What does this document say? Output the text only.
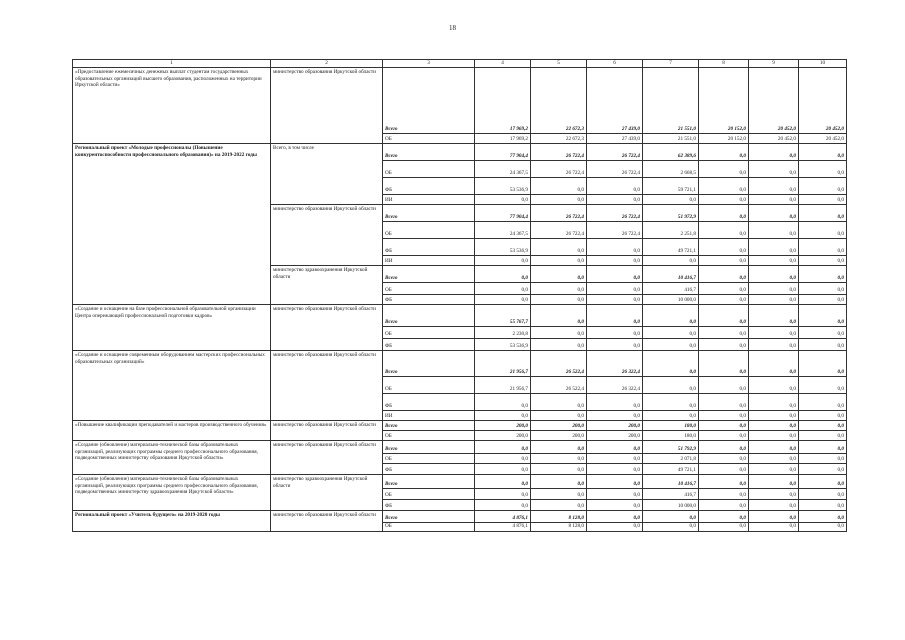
18
1	2	3	4	5	6	7	8	9	10
«Предоставление ежемесячных денежных выплат студентам государственных образовательных организаций высшего образования, расположенных на территории Иркутской области»	министерство образования Иркутской области	Всего	17 969,2	22 672,3	27 439,0	21 551,0	20 152,0	20 452,0	20 452,0
		ОБ	17 969,2	22 672,3	27 439,0	21 551,0	20 152,0	20 452,0	20 452,0
Региональный проект «Молодые профессионалы (Повышение конкурентоспособности профессионального образования)» на 2019-2022 годы	Всего, в том числе	Всего	77 904,4	26 722,4	26 722,4	62 389,6	0,0	0,0	0,0
		ОБ	24 367,5	26 722,4	26 722,4	2 668,5	0,0	0,0	0,0
		ФБ	53 536,9	0,0	0,0	59 721,1	0,0	0,0	0,0
		ИИ	0,0	0,0	0,0	0,0	0,0	0,0	0,0
	министерство образования Иркутской области	Всего	77 904,4	26 722,4	26 722,4	51 972,9	0,0	0,0	0,0
		ОБ	24 367,5	26 722,4	26 722,4	2 251,8	0,0	0,0	0,0
		ФБ	53 536,9	0,0	0,0	49 721,1	0,0	0,0	0,0
		ИИ	0,0	0,0	0,0	0,0	0,0	0,0	0,0
	министерство здравоохранения Иркутской области	Всего	0,0	0,0	0,0	10 416,7	0,0	0,0	0,0
		ОБ	0,0	0,0	0,0	416,7	0,0	0,0	0,0
		ФБ	0,0	0,0	0,0	10 000,0	0,0	0,0	0,0
«Создание и оснащение на базе профессиональной образовательной организации Центра опережающей профессиональной подготовки кадров»	министерство образования Иркутской области	Всего	55 767,7	0,0	0,0	0,0	0,0	0,0	0,0
		ОБ	2 230,8	0,0	0,0	0,0	0,0	0,0	0,0
		ФБ	53 536,9	0,0	0,0	0,0	0,0	0,0	0,0
«Создание и оснащение современным оборудованием мастерских профессиональных образовательных организаций»	министерство образования Иркутской области	Всего	21 956,7	26 522,4	26 322,4	0,0	0,0	0,0	0,0
		ОБ	21 956,7	26 522,4	26 322,4	0,0	0,0	0,0	0,0
		ФБ	0,0	0,0	0,0	0,0	0,0	0,0	0,0
		ИИ	0,0	0,0	0,0	0,0	0,0	0,0	0,0
«Повышение квалификации преподавателей и мастеров производственного обучения»	министерство образования Иркутской области	Всего	200,0	200,0	200,0	180,0	0,0	0,0	0,0
		ОБ	200,0	200,0	200,0	180,0	0,0	0,0	0,0
«Создание (обновление) материально-технической базы образовательных организаций, реализующих программы среднего профессионального образования, подведомственных министерству образования Иркутской области»	министерство образования Иркутской области	Всего	0,0	0,0	0,0	51 792,9	0,0	0,0	0,0
		ОБ	0,0	0,0	0,0	2 071,8	0,0	0,0	0,0
		ФБ	0,0	0,0	0,0	49 721,1	0,0	0,0	0,0
«Создание (обновление) материально-технической базы образовательных организаций, реализующих программы среднего профессионального образования, подведомственных министерству здравоохранения Иркутской области»	министерство здравоохранения Иркутской области	Всего	0,0	0,0	0,0	10 416,7	0,0	0,0	0,0
		ОБ	0,0	0,0	0,0	416,7	0,0	0,0	0,0
		ФБ	0,0	0,0	0,0	10 000,0	0,0	0,0	0,0
Региональный проект «Учитель будущего» на 2019-2020 годы	министерство образования Иркутской области	Всего	4 876,1	8 128,0	0,0	0,0	0,0	0,0	0,0
		ОБ	4 876,1	8 128,0	0,0	0,0	0,0	0,0	0,0
